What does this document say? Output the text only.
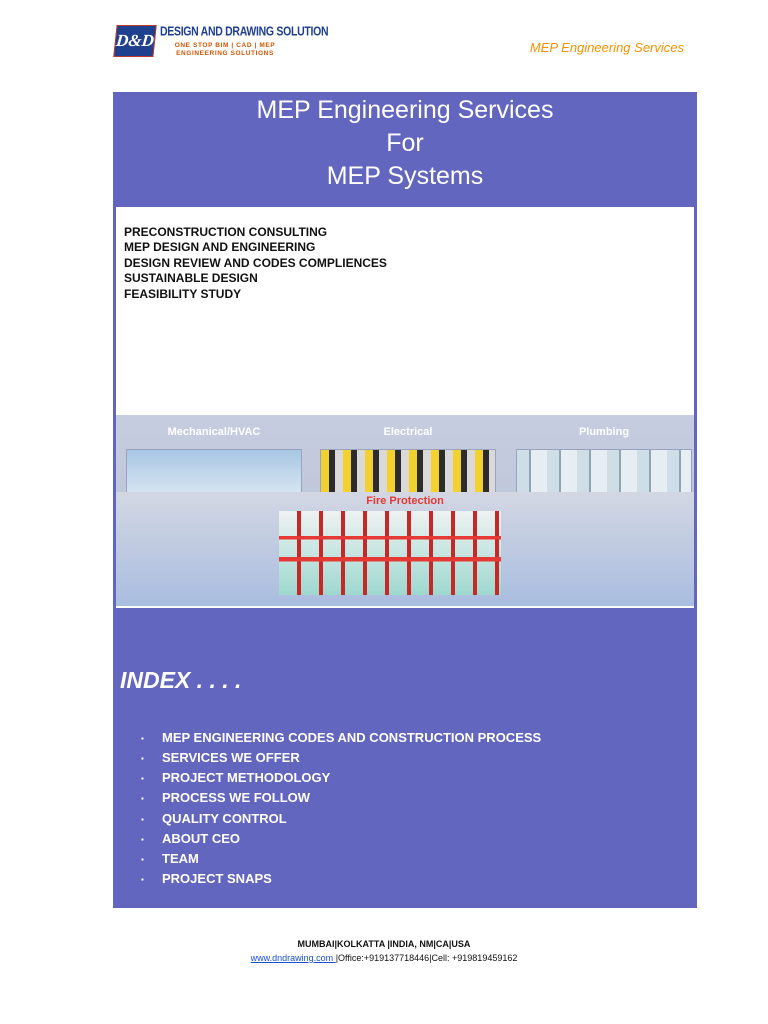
D&D DESIGN AND DRAWING SOLUTION
ONE STOP BIM | CAD | MEP
ENGINEERING SOLUTIONS	MEP Engineering Services
MEP Engineering Services
For
MEP Systems
PRECONSTRUCTION CONSULTING
MEP DESIGN AND ENGINEERING
DESIGN REVIEW AND CODES COMPLIENCES
SUSTAINABLE DESIGN
FEASIBILITY STUDY
Mechanical/HVAC	Electrical	Plumbing
Fire Protection
INDEX . . . .
▪ MEP ENGINEERING CODES AND CONSTRUCTION PROCESS
▪ SERVICES WE OFFER
▪ PROJECT METHODOLOGY
▪ PROCESS WE FOLLOW
▪ QUALITY CONTROL
▪ ABOUT CEO
▪ TEAM
▪ PROJECT SNAPS
MUMBAI|KOLKATTA |INDIA, NM|CA|USA
www.dndrawing.com |Office:+919137718446|Cell: +919819459162
